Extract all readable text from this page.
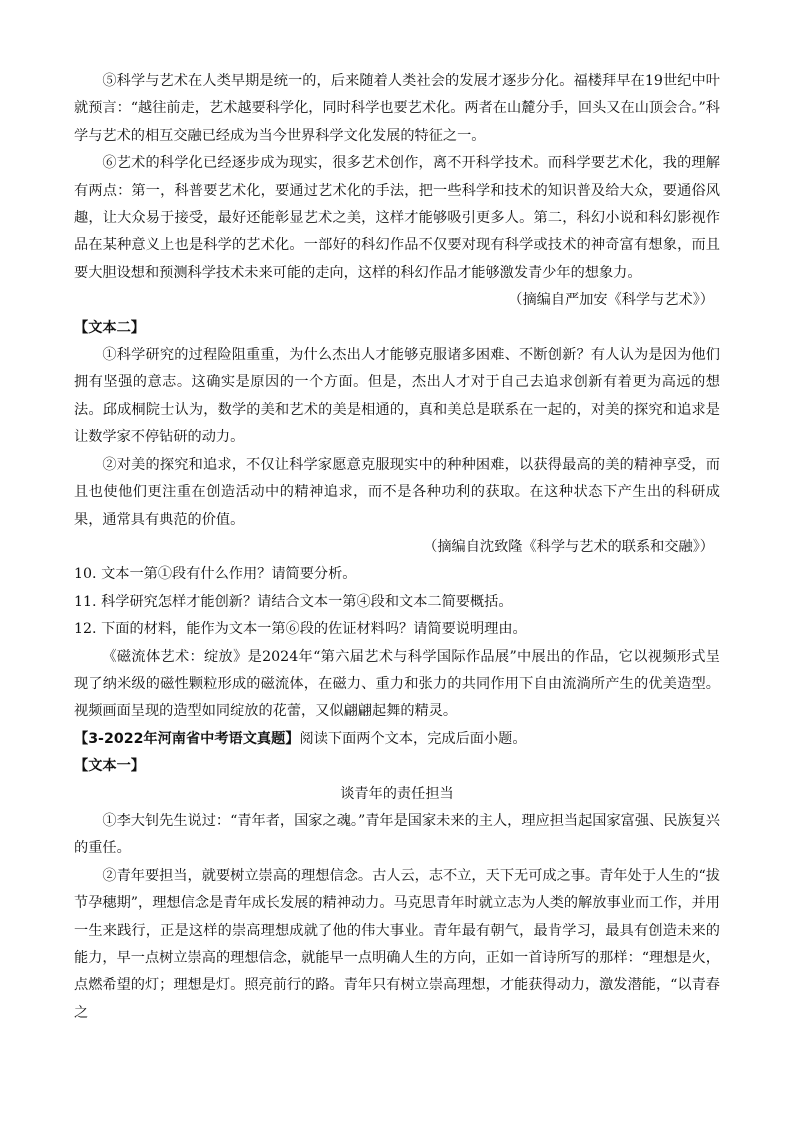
⑤科学与艺术在人类早期是统一的，后来随着人类社会的发展才逐步分化。福楼拜早在19世纪中叶就预言：“越往前走，艺术越要科学化，同时科学也要艺术化。两者在山麓分手，回头又在山顶会合。”科学与艺术的相互交融已经成为当今世界科学文化发展的特征之一。

⑥艺术的科学化已经逐步成为现实，很多艺术创作，离不开科学技术。而科学要艺术化，我的理解有两点：第一，科普要艺术化，要通过艺术化的手法，把一些科学和技术的知识普及给大众，要通俗风趣，让大众易于接受，最好还能彰显艺术之美，这样才能够吸引更多人。第二，科幻小说和科幻影视作品在某种意义上也是科学的艺术化。一部好的科幻作品不仅要对现有科学或技术的神奇富有想象，而且要大胆设想和预测科学技术未来可能的走向，这样的科幻作品才能够激发青少年的想象力。

（摘编自严加安《科学与艺术》）

【文本二】

①科学研究的过程险阻重重，为什么杰出人才能够克服诸多困难、不断创新？有人认为是因为他们拥有坚强的意志。这确实是原因的一个方面。但是，杰出人才对于自己去追求创新有着更为高远的想法。邱成桐院士认为，数学的美和艺术的美是相通的，真和美总是联系在一起的，对美的探究和追求是让数学家不停钻研的动力。

②对美的探究和追求，不仅让科学家愿意克服现实中的种种困难，以获得最高的美的精神享受，而且也使他们更注重在创造活动中的精神追求，而不是各种功利的获取。在这种状态下产生出的科研成果，通常具有典范的价值。

（摘编自沈致隆《科学与艺术的联系和交融》）

10. 文本一第①段有什么作用？请简要分析。

11. 科学研究怎样才能创新？请结合文本一第④段和文本二简要概括。

12. 下面的材料，能作为文本一第⑥段的佐证材料吗？请简要说明理由。

《磁流体艺术：绽放》是2024年“第六届艺术与科学国际作品展”中展出的作品，它以视频形式呈现了纳米级的磁性颗粒形成的磁流体，在磁力、重力和张力的共同作用下自由流淌所产生的优美造型。视频画面呈现的造型如同绽放的花蕾，又似翩翩起舞的精灵。

【3-2022年河南省中考语文真题】阅读下面两个文本，完成后面小题。

【文本一】

谈青年的责任担当

①李大钊先生说过：“青年者，国家之魂。”青年是国家未来的主人，理应担当起国家富强、民族复兴的重任。

②青年要担当，就要树立崇高的理想信念。古人云，志不立，天下无可成之事。青年处于人生的“拔节孕穗期”，理想信念是青年成长发展的精神动力。马克思青年时就立志为人类的解放事业而工作，并用一生来践行，正是这样的崇高理想成就了他的伟大事业。青年最有朝气，最肯学习，最具有创造未来的能力，早一点树立崇高的理想信念，就能早一点明确人生的方向，正如一首诗所写的那样：“理想是火，点燃希望的灯；理想是灯。照亮前行的路。青年只有树立崇高理想，才能获得动力，激发潜能，“以青春之
